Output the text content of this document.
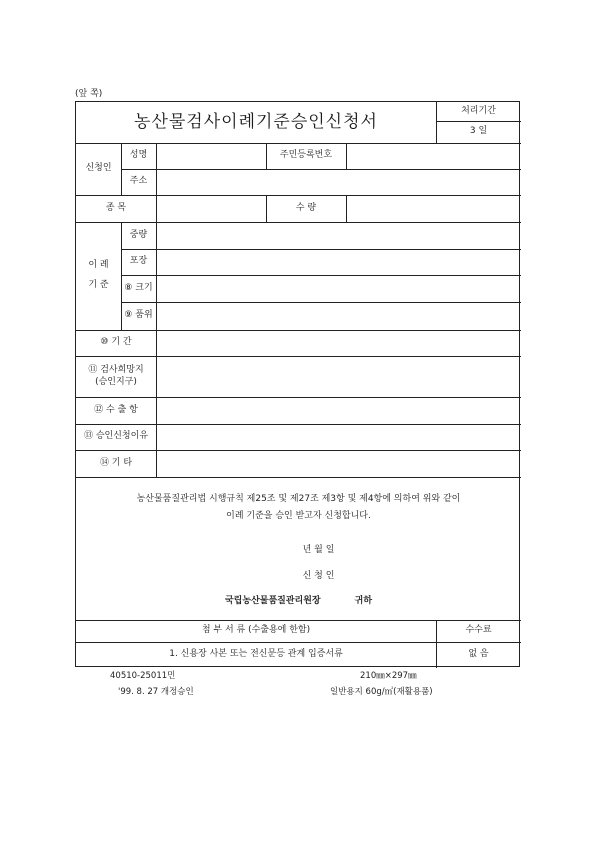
(앞 쪽)
농산물검사이례기준승인신청서
처리기간
3 일
신청인
성명	주민등록번호
주소
종 목	수 량
이 례
기 준
중량
포장
⑧ 크기
⑨ 품위
⑩ 기 간
⑪ 검사희망지
(승인지구)
⑫ 수 출 항
⑬ 승인신청이유
⑭ 기 타
농산물품질관리법 시행규칙 제25조 및 제27조 제3항 및 제4항에 의하여 위와 같이
이례 기준을 승인 받고자 신청합니다.
년 월 일
신 청 인
국립농산물품질관리원장	귀하
첨 부 서 류 (수출용에 한함)	수수료
1. 신용장 사본 또는 전신문등 관계 입증서류	없 음
40510-25011민
'99. 8. 27 개정승인
210㎜×297㎜
일반용지 60g/㎡(재활용품)
